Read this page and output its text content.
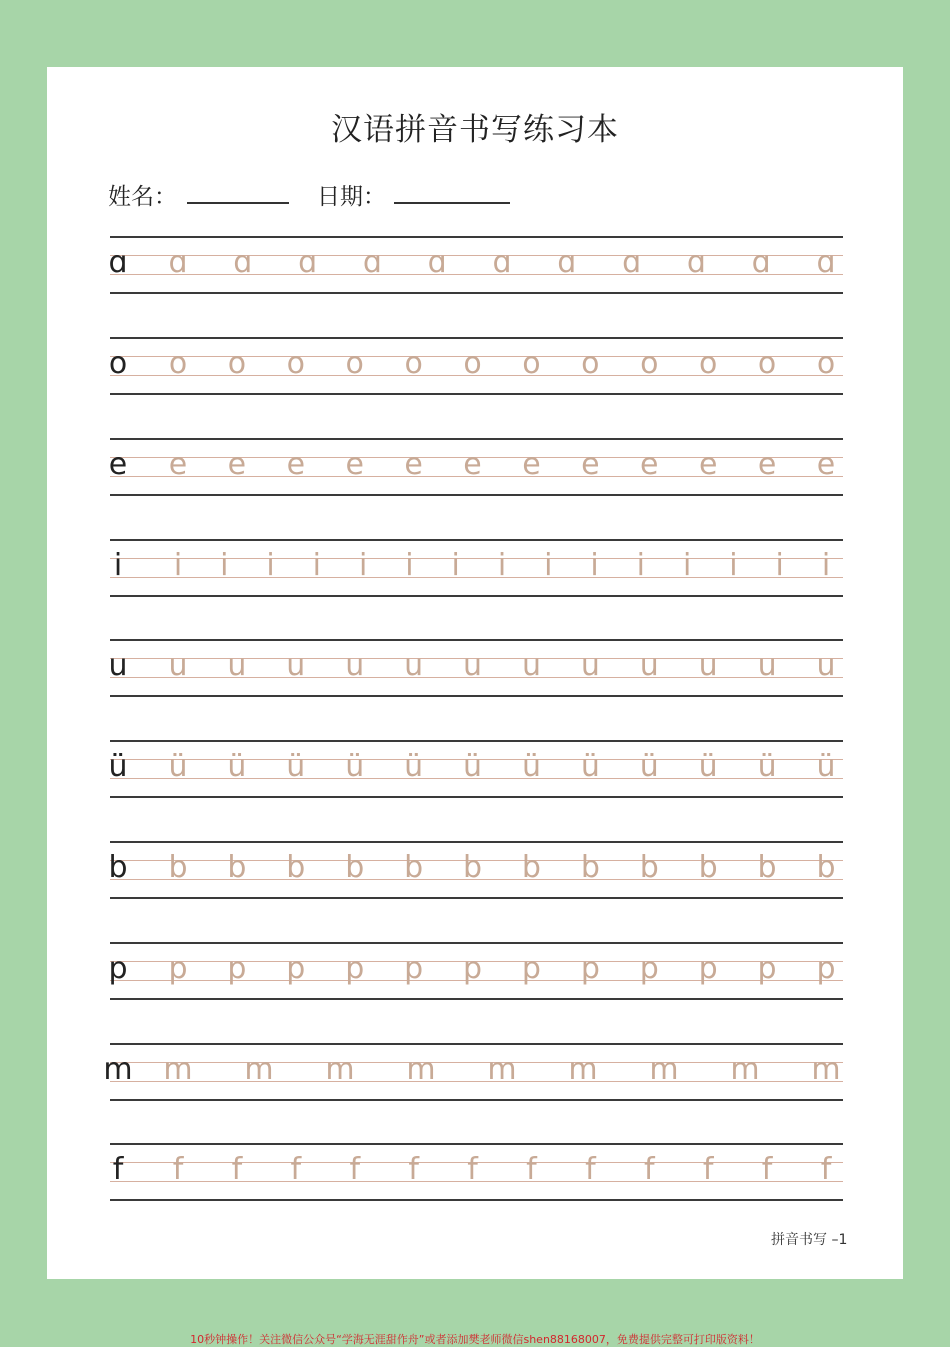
汉语拼音书写练习本
姓名：	日期：
ɑ	ɑ	ɑ	ɑ	ɑ	ɑ	ɑ	ɑ	ɑ	ɑ	ɑ	ɑ
o	o	o	o	o	o	o	o	o	o	o	o	o
e	e	e	e	e	e	e	e	e	e	e	e	e
i	i	i	i	i	i	i	i	i	i	i	i	i	i	i	i
u	u	u	u	u	u	u	u	u	u	u	u	u
ü	ü	ü	ü	ü	ü	ü	ü	ü	ü	ü	ü	ü
b	b	b	b	b	b	b	b	b	b	b	b	b
p	p	p	p	p	p	p	p	p	p	p	p	p
m m m m m m m m m m
f	f	f	f	f	f	f	f	f	f	f	f	f
拼音书写 –1
10秒钟操作！关注微信公众号“学海无涯甜作舟”或者添加樊老师微信shen88168007，免费提供完整可打印版资料！
